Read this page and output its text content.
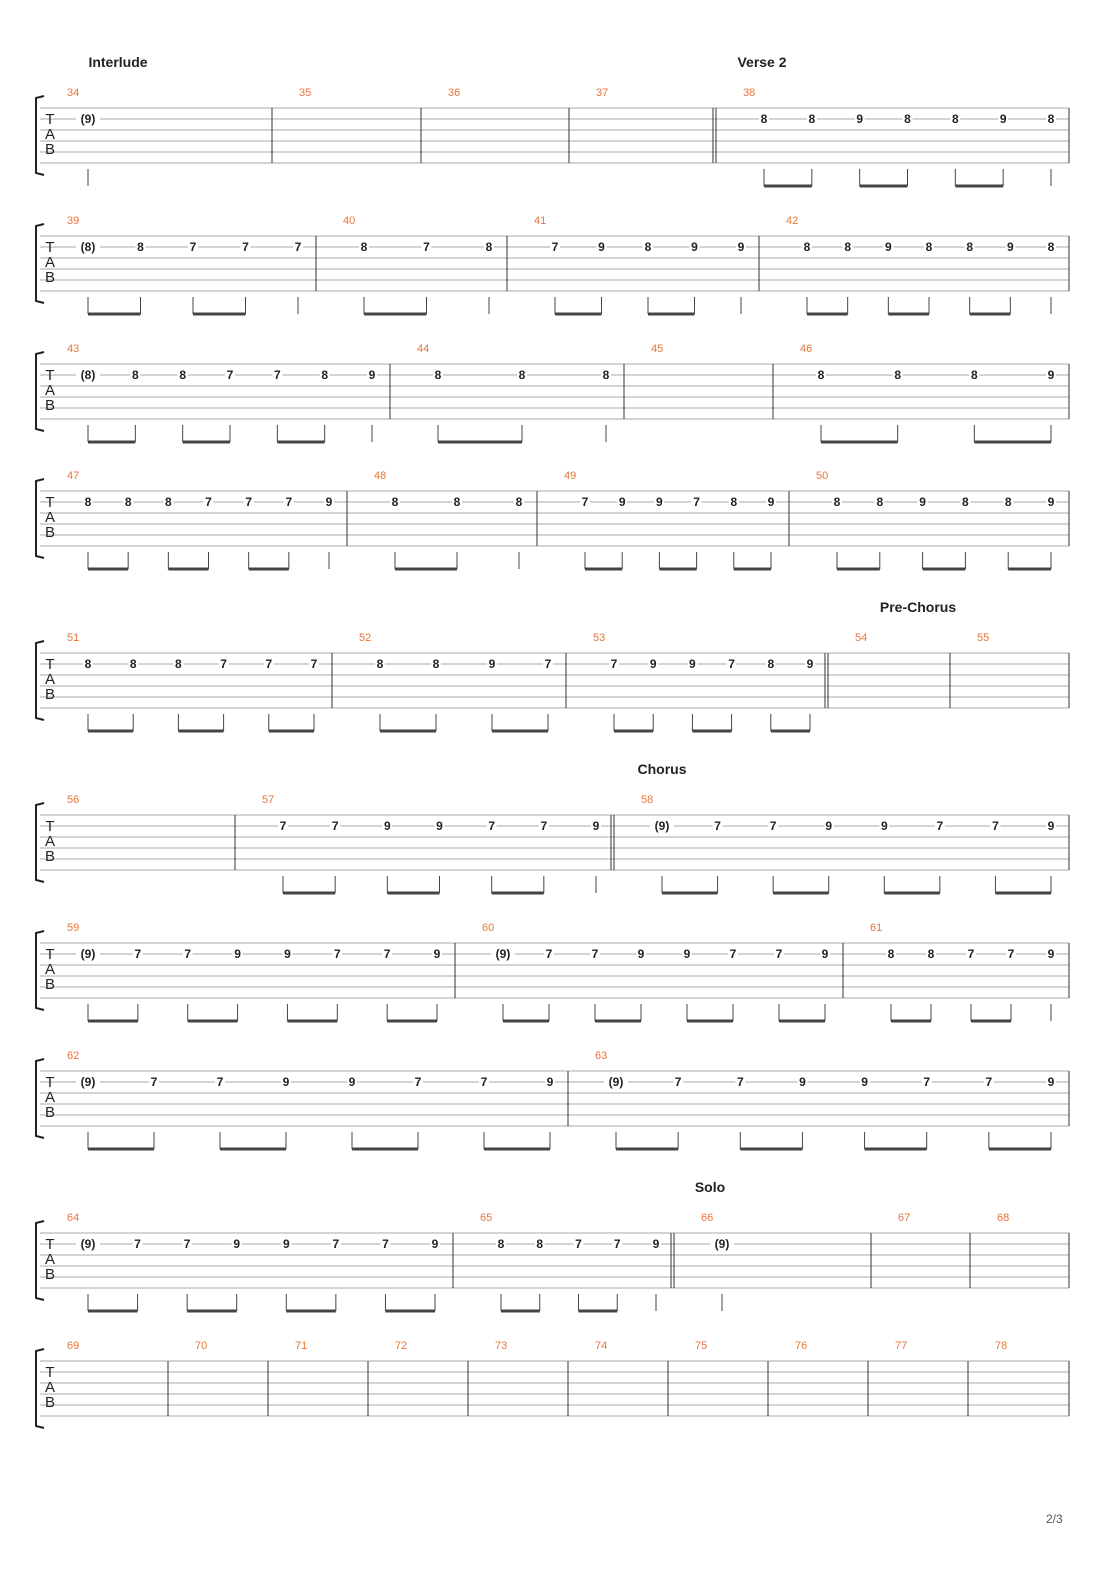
T
A
B
Interlude	Verse 2
34
(9)
35	36	37	38
8	8	9	8	8	9	8
T
A
B
39
(8)	8	7	7	7
40
8	7	8
41
7	9	8	9	9
42
8	8	9	8	8	9	8
T
A
B
43
(8)	8	8	7	7	8	9
44
8	8	8
45	46
8	8	8	9
T
A
B
47
8	8	8	7	7	7	9
48
8	8	8
49
7	9	9	7	8	9
50
8	8	9	8	8	9
T
A
B
Pre-Chorus
51
8	8	8	7	7	7
52
8	8	9	7
53
7	9	9	7	8	9
54	55
T
A
B
Chorus
56	57
7	7	9	9	7	7	9
58
(9)	7	7	9	9	7	7	9
T
A
B
59
(9)	7	7	9	9	7	7	9
60
(9)	7	7	9	9	7	7	9
61
8	8	7	7	9
T
A
B
62
(9)	7	7	9	9	7	7	9
63
(9)	7	7	9	9	7	7	9
T
A
B
Solo
64
(9)	7	7	9	9	7	7	9
65
8	8	7	7	9
66
(9)
67	68
T
A
B
69	70	71	72	73	74	75	76	77	78
2/3
